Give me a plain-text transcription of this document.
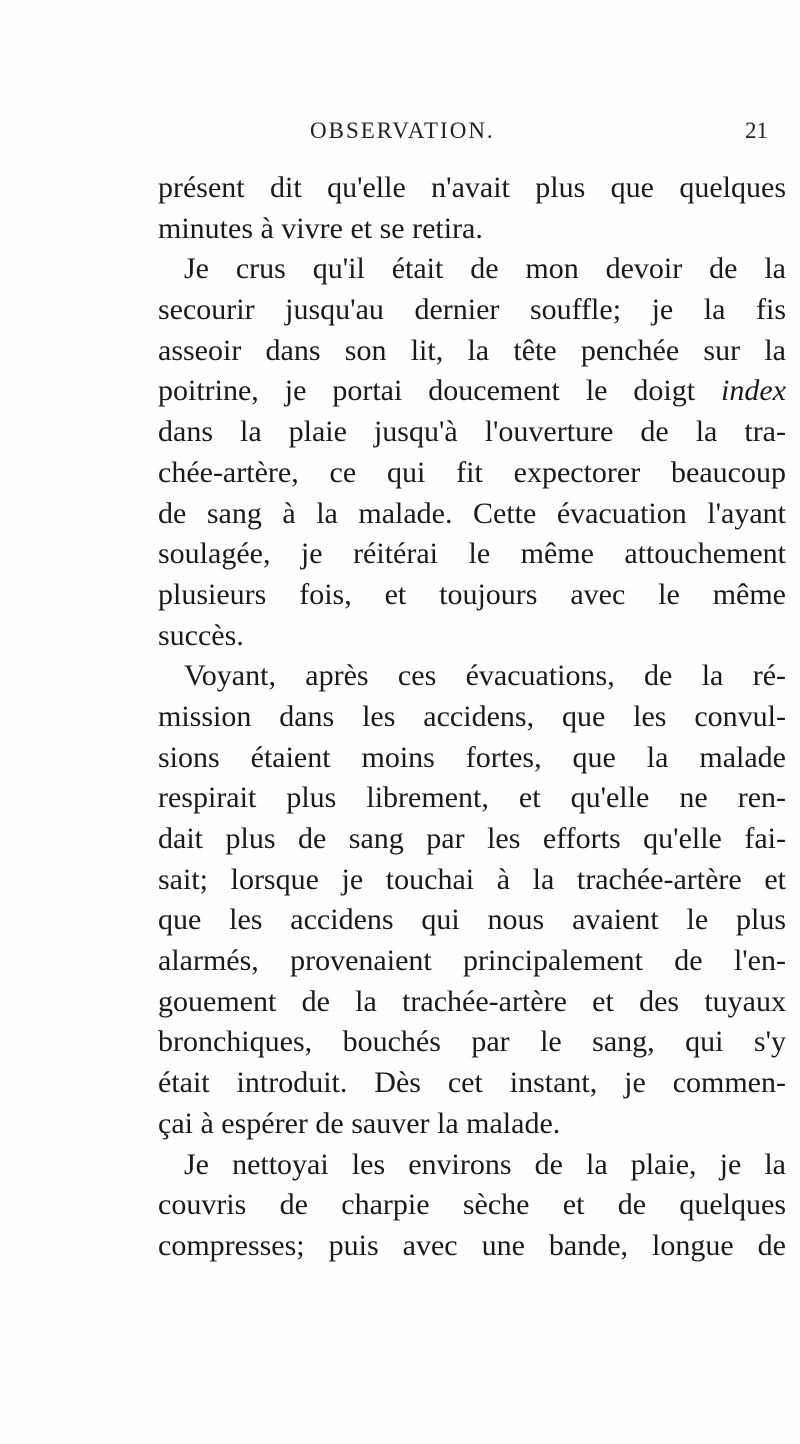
OBSERVATION.	21
présent dit qu'elle n'avait plus que quelques
minutes à vivre et se retira.
Je crus qu'il était de mon devoir de la
secourir jusqu'au dernier souffle; je la fis
asseoir dans son lit, la tête penchée sur la
poitrine, je portai doucement le doigt index
dans la plaie jusqu'à l'ouverture de la tra-
chée-artère, ce qui fit expectorer beaucoup
de sang à la malade. Cette évacuation l'ayant
soulagée, je réitérai le même attouchement
plusieurs fois, et toujours avec le même
succès.
Voyant, après ces évacuations, de la ré-
mission dans les accidens, que les convul-
sions étaient moins fortes, que la malade
respirait plus librement, et qu'elle ne ren-
dait plus de sang par les efforts qu'elle fai-
sait; lorsque je touchai à la trachée-artère et
que les accidens qui nous avaient le plus
alarmés, provenaient principalement de l'en-
gouement de la trachée-artère et des tuyaux
bronchiques, bouchés par le sang, qui s'y
était introduit. Dès cet instant, je commen-
çai à espérer de sauver la malade.
Je nettoyai les environs de la plaie, je la
couvris de charpie sèche et de quelques
compresses; puis avec une bande, longue de
